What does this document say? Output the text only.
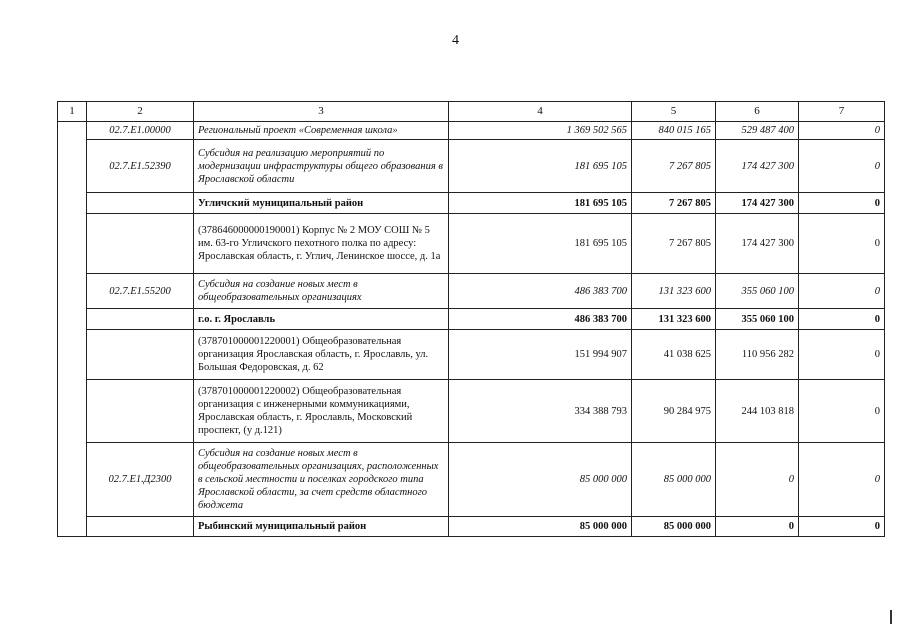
4
1	2	3	4	5	6	7
	02.7.E1.00000	Региональный проект «Современная школа»	1 369 502 565	840 015 165	529 487 400	0
	02.7.E1.52390	Субсидия на реализацию мероприятий по модернизации инфраструктуры общего образования в Ярославской области	181 695 105	7 267 805	174 427 300	0
		Угличский муниципальный район	181 695 105	7 267 805	174 427 300	0
		(378646000000190001) Корпус № 2 МОУ СОШ № 5 им. 63-го Угличского пехотного полка по адресу: Ярославская область, г. Углич, Ленинское шоссе, д. 1а	181 695 105	7 267 805	174 427 300	0
	02.7.E1.55200	Субсидия на создание новых мест в общеобразовательных организациях	486 383 700	131 323 600	355 060 100	0
		г.о. г. Ярославль	486 383 700	131 323 600	355 060 100	0
		(378701000001220001) Общеобразовательная организация Ярославская область, г. Ярославль, ул. Большая Федоровская, д. 62	151 994 907	41 038 625	110 956 282	0
		(378701000001220002) Общеобразовательная организация с инженерными коммуникациями, Ярославская область, г. Ярославль, Московский проспект, (у д.121)	334 388 793	90 284 975	244 103 818	0
	02.7.E1.Д2300	Субсидия на создание новых мест в общеобразовательных организациях, расположенных в сельской местности и поселках городского типа Ярославской области, за счет средств областного бюджета	85 000 000	85 000 000	0	0
		Рыбинский муниципальный район	85 000 000	85 000 000	0	0
